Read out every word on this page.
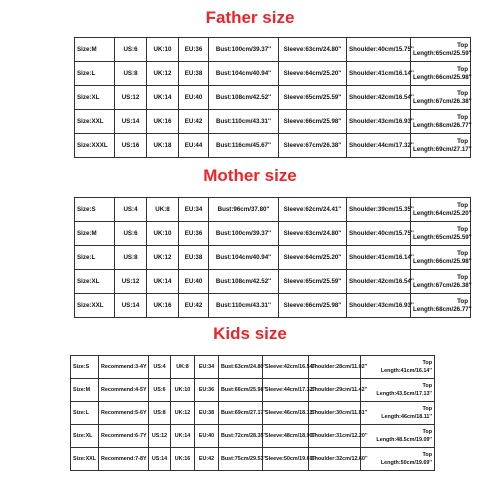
Father size
Size:M	US:6	UK:10	EU:36	Bust:100cm/39.37''	Sleeve:63cm/24.80''	Shoulder:40cm/15.75''	Top
Length:65cm/25.59''

Size:L	US:8	UK:12	EU:38	Bust:104cm/40.94''	Sleeve:64cm/25.20''	Shoulder:41cm/16.14''	Top
Length:66cm/25.98''

Size:XL	US:12	UK:14	EU:40	Bust:108cm/42.52''	Sleeve:65cm/25.59''	Shoulder:42cm/16.54''	Top
Length:67cm/26.38''

Size:XXL	US:14	UK:16	EU:42	Bust:110cm/43.31''	Sleeve:66cm/25.98''	Shoulder:43cm/16.93''	Top
Length:68cm/26.77''

Size:XXXL	US:16	UK:18	EU:44	Bust:116cm/45.67''	Sleeve:67cm/26.38''	Shoulder:44cm/17.32''	Top
Length:69cm/27.17''
Mother size
Size:S	US:4	UK:8	EU:34	Bust:96cm/37.80''	Sleeve:62cm/24.41''	Shoulder:39cm/15.35''	Top
Length:64cm/25.20''

Size:M	US:6	UK:10	EU:36	Bust:100cm/39.37''	Sleeve:63cm/24.80''	Shoulder:40cm/15.75''	Top
Length:65cm/25.59''

Size:L	US:8	UK:12	EU:38	Bust:104cm/40.94''	Sleeve:64cm/25.20''	Shoulder:41cm/16.14''	Top
Length:66cm/25.98''

Size:XL	US:12	UK:14	EU:40	Bust:108cm/42.52''	Sleeve:65cm/25.59''	Shoulder:42cm/16.54''	Top
Length:67cm/26.38''

Size:XXL	US:14	UK:16	EU:42	Bust:110cm/43.31''	Sleeve:66cm/25.98''	Shoulder:43cm/16.93''	Top
Length:68cm/26.77''
Kids size
Size:S	Recommend:3-4Y	US:4	UK:8	EU:34	Bust:63cm/24.80''	Sleeve:42cm/16.54''	Shoulder:28cm/11.02''	Top
Length:41cm/16.14''

Size:M	Recommend:4-5Y	US:6	UK:10	EU:36	Bust:66cm/25.98''	Sleeve:44cm/17.32''	Shoulder:29cm/11.42''	Top
Length:43.5cm/17.13''

Size:L	Recommend:5-6Y	US:8	UK:12	EU:38	Bust:69cm/27.17''	Sleeve:46cm/18.11''	Shoulder:30cm/11.81''	Top
Length:46cm/18.11''

Size:XL	Recommend:6-7Y	US:12	UK:14	EU:40	Bust:72cm/28.35''	Sleeve:48cm/18.90''	Shoulder:31cm/12.20''	Top
Length:48.5cm/19.09''

Size:XXL	Recommend:7-8Y	US:14	UK:16	EU:42	Bust:75cm/29.53''	Sleeve:50cm/19.69''	Shoulder:32cm/12.60''	Top
Length:50cm/19.69''
